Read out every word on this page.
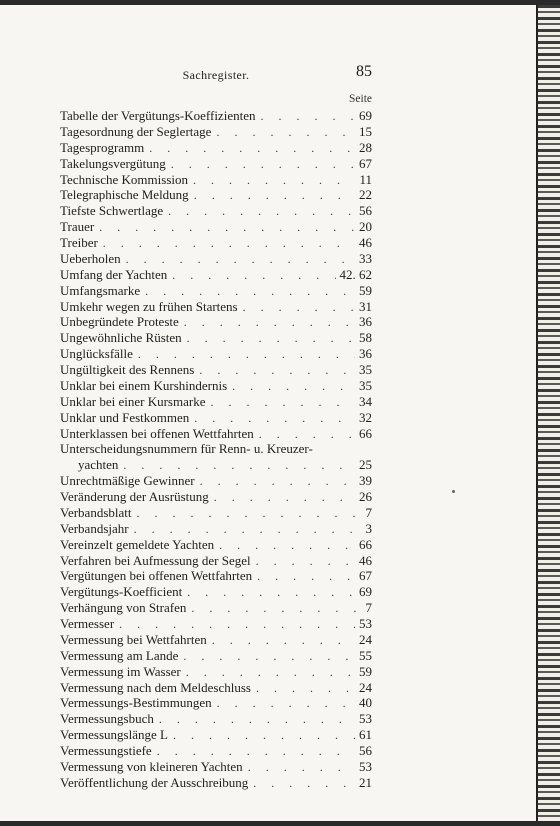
Sachregister.	85
Seite
Tabelle der Vergütungs-Koeffizienten . . .	69
Tagesordnung der Seglertage . . .	15
Tagesprogramm . . .	28
Takelungsvergütung . . .	67
Technische Kommission . . .	11
Telegraphische Meldung . . .	22
Tiefste Schwertlage . . .	56
Trauer . . .	20
Treiber . . .	46
Ueberholen . . .	33
Umfang der Yachten . . .	42. 62
Umfangsmarke . . .	59
Umkehr wegen zu frühen Startens . . .	31
Unbegründete Proteste . . .	36
Ungewöhnliche Rüsten . . .	58
Unglücksfälle . . .	36
Ungültigkeit des Rennens . . .	35
Unklar bei einem Kurshindernis . . .	35
Unklar bei einer Kursmarke . . .	34
Unklar und Festkommen . . .	32
Unterklassen bei offenen Wettfahrten . . .	66
Unterscheidungsnummern für Renn- u. Kreuzer-
yachten . . .	25
Unrechtmäßige Gewinner . . .	39
Veränderung der Ausrüstung . . .	26
Verbandsblatt . . .	7
Verbandsjahr . . .	3
Vereinzelt gemeldete Yachten . . .	66
Verfahren bei Aufmessung der Segel . . .	46
Vergütungen bei offenen Wettfahrten . . .	67
Vergütungs-Koefficient . . .	69
Verhängung von Strafen . . .	7
Vermesser . . .	53
Vermessung bei Wettfahrten . . .	24
Vermessung am Lande . . .	55
Vermessung im Wasser . . .	59
Vermessung nach dem Meldeschluss . . .	24
Vermessungs-Bestimmungen . . .	40
Vermessungsbuch . . .	53
Vermessungslänge L . . .	61
Vermessungstiefe . . .	56
Vermessung von kleineren Yachten . . .	53
Veröffentlichung der Ausschreibung . . .	21
